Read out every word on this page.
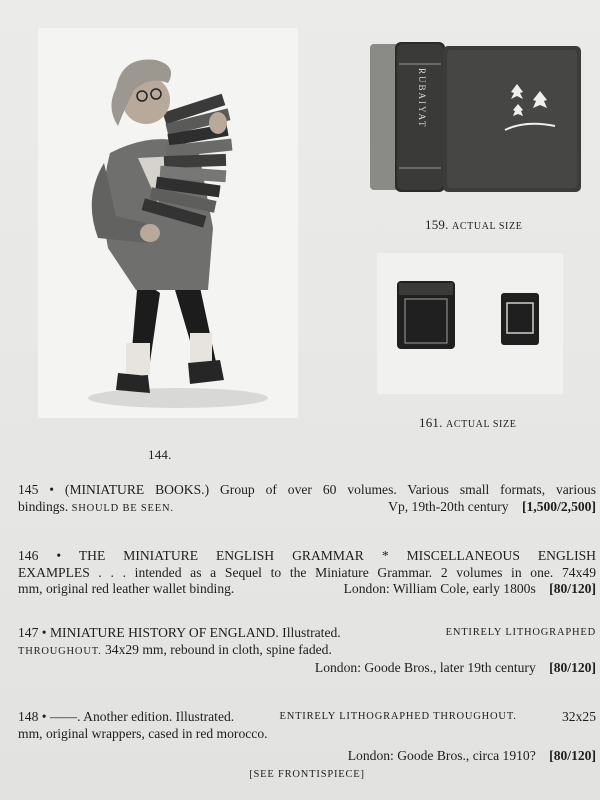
144.
RUBAIYAT
159. ACTUAL SIZE
161. ACTUAL SIZE
145 • (MINIATURE BOOKS.) Group of over 60 volumes. Various small formats, various
bindings. SHOULD BE SEEN.	Vp, 19th-20th century [1,500/2,500]
146 • THE MINIATURE ENGLISH GRAMMAR * MISCELLANEOUS ENGLISH
EXAMPLES . . . intended as a Sequel to the Miniature Grammar. 2 volumes in one. 74x49
mm, original red leather wallet binding.	London: William Cole, early 1800s [80/120]
147 • MINIATURE HISTORY OF ENGLAND. Illustrated.	ENTIRELY LITHOGRAPHED
THROUGHOUT. 34x29 mm, rebound in cloth, spine faded.
London: Goode Bros., later 19th century [80/120]
148 • ——. Another edition. Illustrated.	ENTIRELY LITHOGRAPHED THROUGHOUT.	32x25
mm, original wrappers, cased in red morocco.
London: Goode Bros., circa 1910? [80/120]
[SEE FRONTISPIECE]
